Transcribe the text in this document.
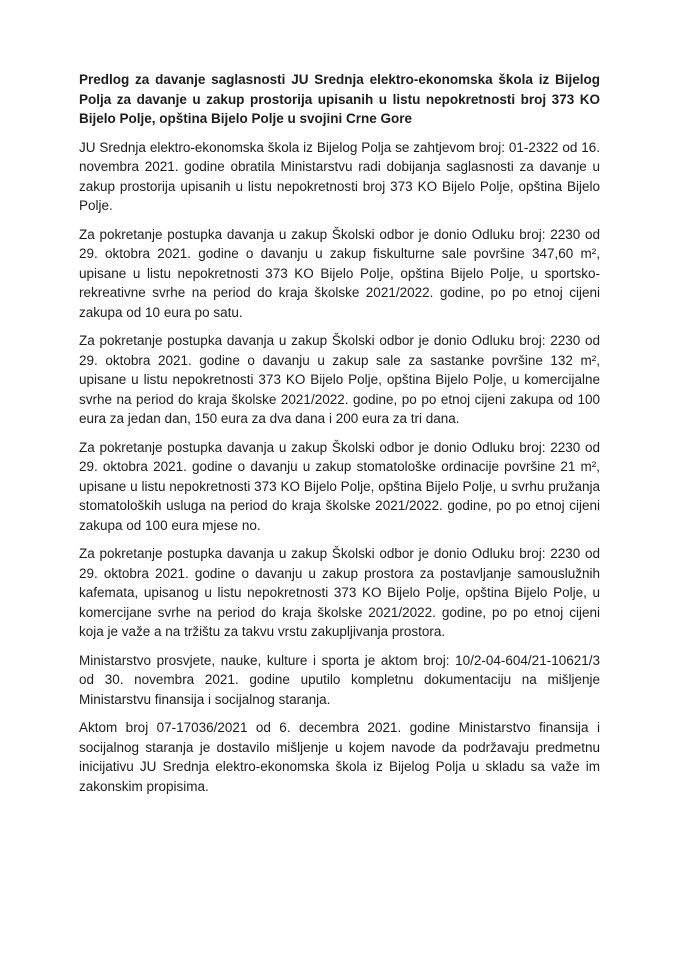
Predlog za davanje saglasnosti JU Srednja elektro-ekonomska škola iz Bijelog Polja za davanje u zakup prostorija upisanih u listu nepokretnosti broj 373 KO Bijelo Polje, opština Bijelo Polje u svojini Crne Gore

JU Srednja elektro-ekonomska škola iz Bijelog Polja se zahtjevom broj: 01-2322 od 16. novembra 2021. godine obratila Ministarstvu radi dobijanja saglasnosti za davanje u zakup prostorija upisanih u listu nepokretnosti broj 373 KO Bijelo Polje, opština Bijelo Polje.

Za pokretanje postupka davanja u zakup Školski odbor je donio Odluku broj: 2230 od 29. oktobra 2021. godine o davanju u zakup fiskulturne sale površine 347,60 m², upisane u listu nepokretnosti 373 KO Bijelo Polje, opština Bijelo Polje, u sportsko-rekreativne svrhe na period do kraja školske 2021/2022. godine, po po etnoj cijeni zakupa od 10 eura po satu.

Za pokretanje postupka davanja u zakup Školski odbor je donio Odluku broj: 2230 od 29. oktobra 2021. godine o davanju u zakup sale za sastanke površine 132 m², upisane u listu nepokretnosti 373 KO Bijelo Polje, opština Bijelo Polje, u komercijalne svrhe na period do kraja školske 2021/2022. godine, po po etnoj cijeni zakupa od 100 eura za jedan dan, 150 eura za dva dana i 200 eura za tri dana.

Za pokretanje postupka davanja u zakup Školski odbor je donio Odluku broj: 2230 od 29. oktobra 2021. godine o davanju u zakup stomatološke ordinacije površine 21 m², upisane u listu nepokretnosti 373 KO Bijelo Polje, opština Bijelo Polje, u svrhu pružanja stomatoloških usluga na period do kraja školske 2021/2022. godine, po po etnoj cijeni zakupa od 100 eura mjese no.

Za pokretanje postupka davanja u zakup Školski odbor je donio Odluku broj: 2230 od 29. oktobra 2021. godine o davanju u zakup prostora za postavljanje samouslužnih kafemata, upisanog u listu nepokretnosti 373 KO Bijelo Polje, opština Bijelo Polje, u komercijane svrhe na period do kraja školske 2021/2022. godine, po po etnoj cijeni koja je važe a na tržištu za takvu vrstu zakupljivanja prostora.

Ministarstvo prosvjete, nauke, kulture i sporta je aktom broj: 10/2-04-604/21-10621/3 od 30. novembra 2021. godine uputilo kompletnu dokumentaciju na mišljenje Ministarstvu finansija i socijalnog staranja.

Aktom broj 07-17036/2021 od 6. decembra 2021. godine Ministarstvo finansija i socijalnog staranja je dostavilo mišljenje u kojem navode da podržavaju predmetnu inicijativu JU Srednja elektro-ekonomska škola iz Bijelog Polja u skladu sa važe im zakonskim propisima.
